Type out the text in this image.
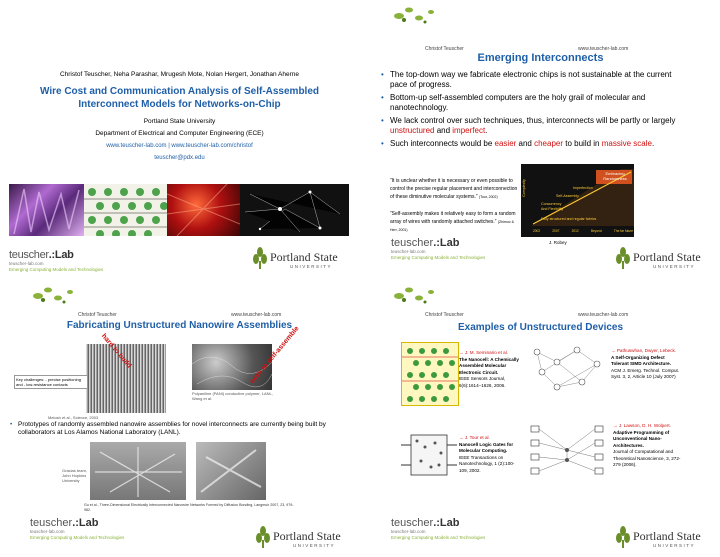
Christof Teuscher, Neha Parashar, Mrugesh Mote, Nolan Hergert, Jonathan Aherne
Wire Cost and Communication Analysis of Self-Assembled
Interconnect Models for Networks-on-Chip
Portland State University
Department of Electrical and Computer Engineering (ECE)
www.teuscher-lab.com | www.teuscher-lab.com/christof
teuscher@pdx.edu
teuscher.:Lab
teuscher-lab.com
Emerging Computing Models and Technologies
Portland State
UNIVERSITY
Christof Teuscher	www.teuscher-lab.com
Emerging Interconnects
• The top-down way we fabricate electronic chips is not sustainable at the current pace of progress.
• Bottom-up self-assembled computers are the holy grail of molecular and nanotechnology.
• We lack control over such techniques, thus, interconnects will be partly or largely unstructured and imperfect.
• Such interconnects would be easier and cheaper to build in massive scale.
“It is unclear whether it is necessary or even possible to control the precise regular placement and interconnection of these diminutive molecular systems.” (Tour, 2002)
“Self-assembly makes it relatively easy to form a random array of wires with randomly attached switches.” (Zhirnov & Herr, 2001)
Embracing Randomness
Imperfection
Self-Assembly
Concurrency
And Flexibility
Fully structured and regular fabrics
Complexity
2002	2007	2012	Beyond	The far future
J. Robey
teuscher.:Lab
teuscher-lab.com
Emerging Computing Models and Technologies	Portland State
UNIVERSITY
Christof Teuscher	www.teuscher-lab.com
Fabricating Unstructured Nanowire Assemblies
Key challenges: - precise positioning and - low-resistance contacts
Melosh et al., Science, 2003
Polyaniline (PANI) conductive polymer, LANL, Wang et al.
hard to build	easy to self-assemble
• Prototypes of randomly assembled nanowire assemblies for novel interconnects are currently being built by collaborators at Los Alamos National Laboratory (LANL).
Gracias team, John Hopkins University
Gu et al., Three-Dimensional Electrically Interconnected Nanowire Networks Formed by Diffusion Bonding, Langmuir 2007, 23, 979-982.
teuscher.:Lab
teuscher-lab.com
Emerging Computing Models and Technologies	Portland State
UNIVERSITY
Christof Teuscher	www.teuscher-lab.com
Examples of Unstructured Devices
→ J. M. Seminario et al.
The Nanocell: A Chemically Assembled Molecular Electronic Circuit.
IEEE Sensors Journal, 6(6):1614–1626, 2006.
→ Pathuswhan, Dwyer, Lebeck.
A Self-Organizing Defect Tolerant SIMD Architecture.
ACM J. Emerg. Technol. Comput. Syst. 3, 2, Article 10 (July 2007)
→ J. Tour et al.
Nanocell Logic Gates for Molecular Computing.
IEEE Transactions on Nanotechnology, 1 (2):100-109, 2002.
→ J. Lawson, D. H. Wolpert.
Adaptive Programming of Unconventional Nano-Architectures.
Journal of Computational and Theoretical Nanoscience, 3, 272-279 (2006).
teuscher.:Lab
teuscher-lab.com
Emerging Computing Models and Technologies	Portland State
UNIVERSITY
